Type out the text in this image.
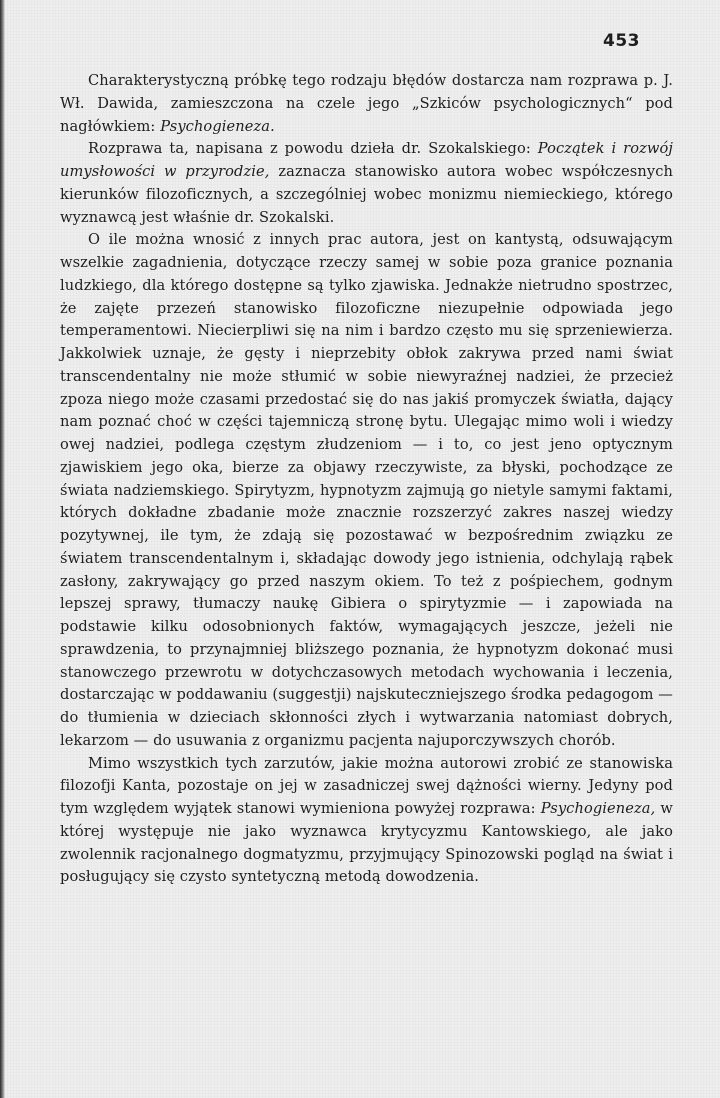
453

Charakterystyczną próbkę tego rodzaju błędów dostarcza nam rozprawa p. J. Wł. Dawida, zamieszczona na czele jego „Szkiców psychologicznych“ pod nagłówkiem: Psychogieneza.

Rozprawa ta, napisana z powodu dzieła dr. Szokalskiego: Początek i rozwój umysłowości w przyrodzie, zaznacza stanowisko autora wobec współczesnych kierunków filozoficznych, a szczególniej wobec monizmu niemieckiego, którego wyznawcą jest właśnie dr. Szokalski.

O ile można wnosić z innych prac autora, jest on kantystą, odsuwającym wszelkie zagadnienia, dotyczące rzeczy samej w sobie poza granice poznania ludzkiego, dla którego dostępne są tylko zjawiska. Jednakże nietrudno spostrzec, że zajęte przezeń stanowisko filozoficzne niezupełnie odpowiada jego temperamentowi. Niecierpliwi się na nim i bardzo często mu się sprzeniewierza. Jakkolwiek uznaje, że gęsty i nieprzebity obłok zakrywa przed nami świat transcendentalny nie może stłumić w sobie niewyraźnej nadziei, że przecież zpoza niego może czasami przedostać się do nas jakiś promyczek światła, dający nam poznać choć w części tajemniczą stronę bytu. Ulegając mimo woli i wiedzy owej nadziei, podlega częstym złudzeniom — i to, co jest jeno optycznym zjawiskiem jego oka, bierze za objawy rzeczywiste, za błyski, pochodzące ze świata nadziemskiego. Spirytyzm, hypnotyzm zajmują go nietyle samymi faktami, których dokładne zbadanie może znacznie rozszerzyć zakres naszej wiedzy pozytywnej, ile tym, że zdają się pozostawać w bezpośrednim związku ze światem transcendentalnym i, składając dowody jego istnienia, odchylają rąbek zasłony, zakrywający go przed naszym okiem. To też z pośpiechem, godnym lepszej sprawy, tłumaczy naukę Gibiera o spirytyzmie — i zapowiada na podstawie kilku odosobnionych faktów, wymagających jeszcze, jeżeli nie sprawdzenia, to przynajmniej bliższego poznania, że hypnotyzm dokonać musi stanowczego przewrotu w dotychczasowych metodach wychowania i leczenia, dostarczając w poddawaniu (suggestji) najskuteczniejszego środka pedagogom — do tłumienia w dzieciach skłonności złych i wytwarzania natomiast dobrych, lekarzom — do usuwania z organizmu pacjenta najuporczywszych chorób.

Mimo wszystkich tych zarzutów, jakie można autorowi zrobić ze stanowiska filozofji Kanta, pozostaje on jej w zasadniczej swej dążności wierny. Jedyny pod tym względem wyjątek stanowi wymieniona powyżej rozprawa: Psychogieneza, w której występuje nie jako wyznawca krytycyzmu Kantowskiego, ale jako zwolennik racjonalnego dogmatyzmu, przyjmujący Spinozowski pogląd na świat i posługujący się czysto syntetyczną metodą dowodzenia.
